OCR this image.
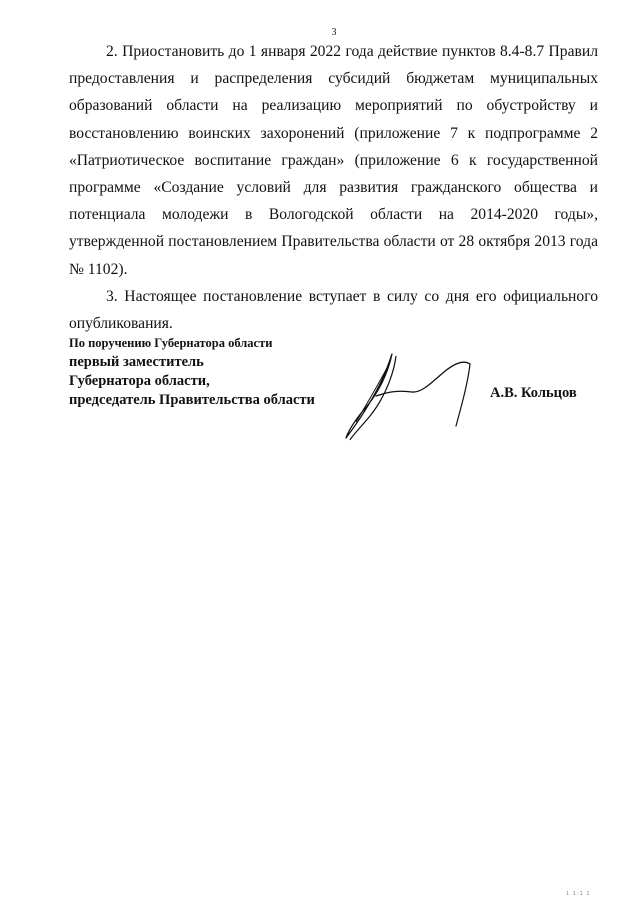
3

2. Приостановить до 1 января 2022 года действие пунктов 8.4-8.7 Правил предоставления и распределения субсидий бюджетам муниципальных образований области на реализацию мероприятий по обустройству и восстановлению воинских захоронений (приложение 7 к подпрограмме 2 «Патриотическое воспитание граждан» (приложение 6 к государственной программе «Создание условий для развития гражданского общества и потенциала молодежи в Вологодской области на 2014-2020 годы», утвержденной постановлением Правительства области от 28 октября 2013 года № 1102).

3. Настоящее постановление вступает в силу со дня его официального опубликования.

По поручению Губернатора области
первый заместитель
Губернатора области,
председатель Правительства области	А.В. Кольцов
1 1:1 1
